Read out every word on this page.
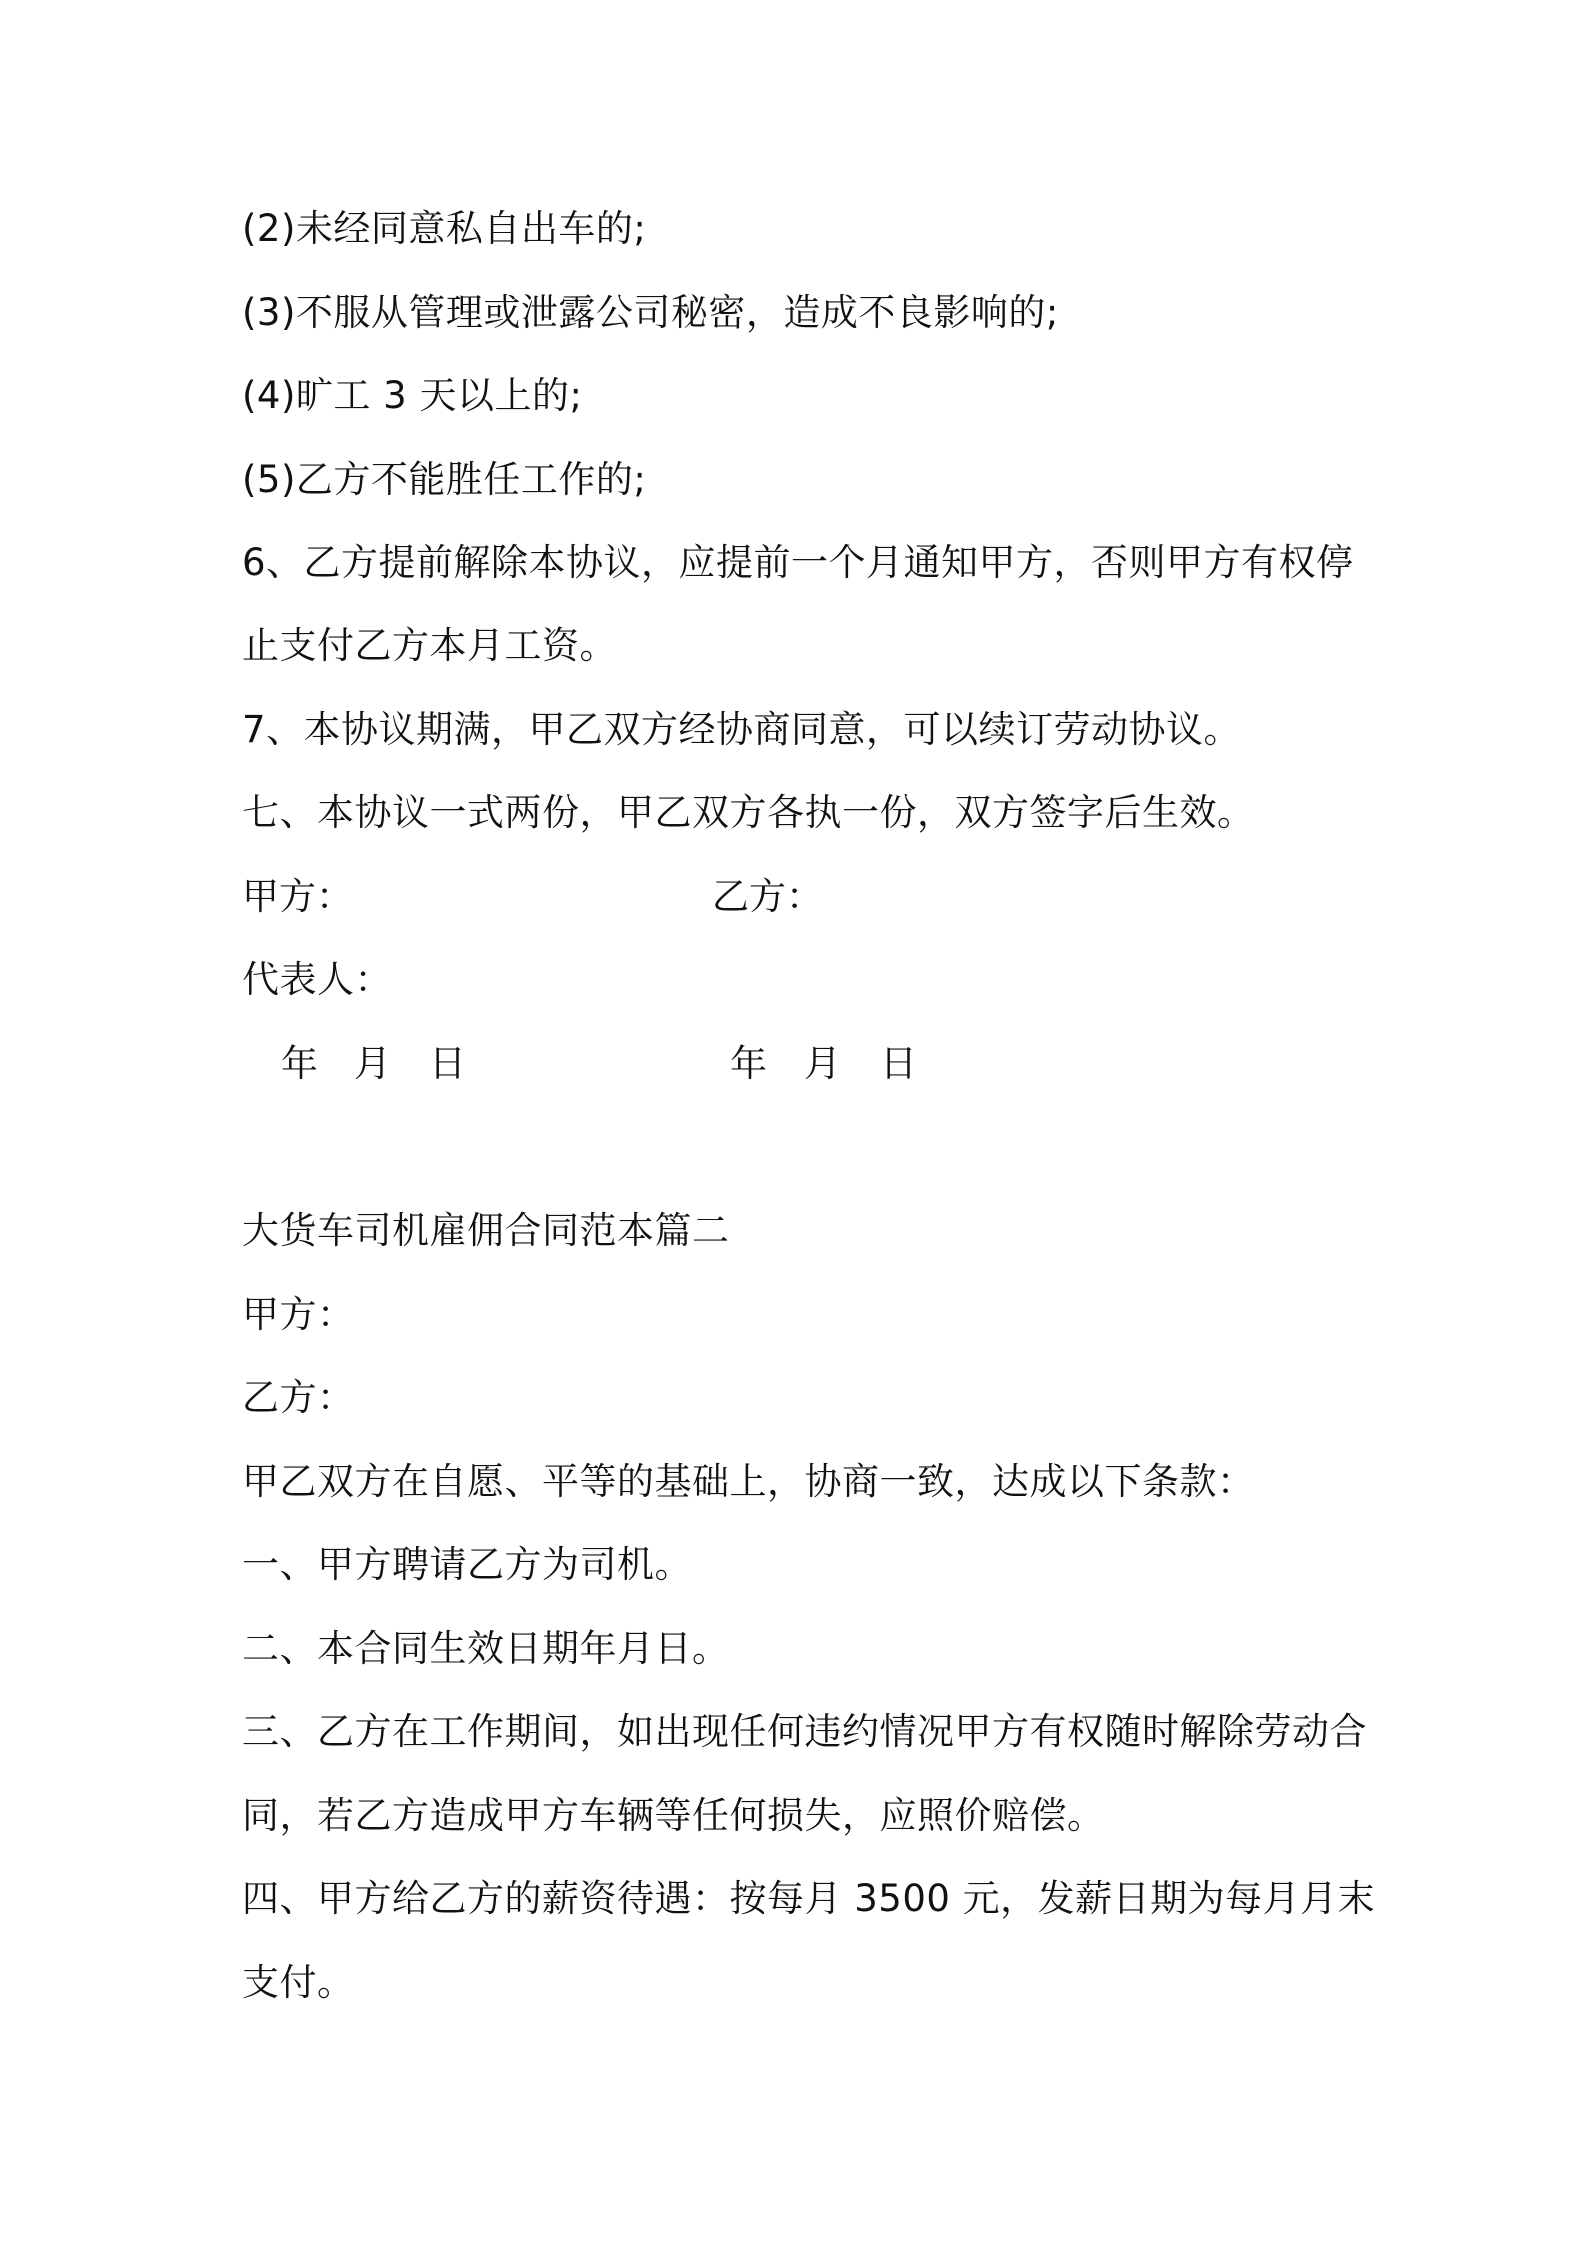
(2)未经同意私自出车的;
(3)不服从管理或泄露公司秘密，造成不良影响的;
(4)旷工 3 天以上的;
(5)乙方不能胜任工作的;
6、乙方提前解除本协议，应提前一个月通知甲方，否则甲方有权停
止支付乙方本月工资。
7、本协议期满，甲乙双方经协商同意，可以续订劳动协议。
七、本协议一式两份，甲乙双方各执一份，双方签字后生效。
甲方：	乙方：
代表人：
年 月 日	年 月 日
大货车司机雇佣合同范本篇二
甲方：
乙方：
甲乙双方在自愿、平等的基础上，协商一致，达成以下条款：
一、甲方聘请乙方为司机。
二、本合同生效日期年月日。
三、乙方在工作期间，如出现任何违约情况甲方有权随时解除劳动合
同，若乙方造成甲方车辆等任何损失，应照价赔偿。
四、甲方给乙方的薪资待遇：按每月 3500 元，发薪日期为每月月末
支付。
